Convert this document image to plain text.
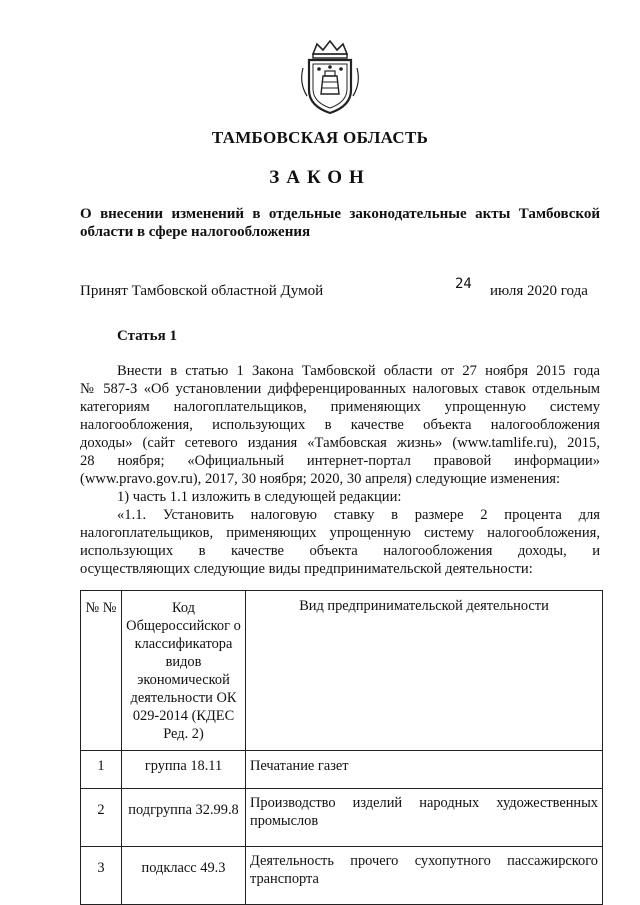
ТАМБОВСКАЯ ОБЛАСТЬ
ЗАКОН
О внесении изменений в отдельные законодательные акты Тамбовской области в сфере налогообложения
Принят Тамбовской областной Думой	24 июля 2020 года
Статья 1

Внести в статью 1 Закона Тамбовской области от 27 ноября 2015 года

№ 587-З «Об установлении дифференцированных налоговых ставок отдельным

категориям налогоплательщиков, применяющих упрощенную систему

налогообложения, использующих в качестве объекта налогообложения

доходы» (сайт сетевого издания «Тамбовская жизнь» (www.tamlife.ru), 2015,

28 ноября; «Официальный интернет-портал правовой информации»

(www.pravo.gov.ru), 2017, 30 ноября; 2020, 30 апреля) следующие изменения:

1) часть 1.1 изложить в следующей редакции:

«1.1. Установить налоговую ставку в размере 2 процента для

налогоплательщиков, применяющих упрощенную систему налогообложения,

использующих в качестве объекта налогообложения доходы, и

осуществляющих следующие виды предпринимательской деятельности:

№ №	Код Общероссийског о классификатора видов экономической деятельности ОК 029-2014 (КДЕС Ред. 2)	Вид предпринимательской деятельности
1	группа 18.11	Печатание газет
2	подгруппа 32.99.8	Производство изделий народных художественных промыслов
3	подкласс 49.3	Деятельность прочего сухопутного пассажирского транспорта
